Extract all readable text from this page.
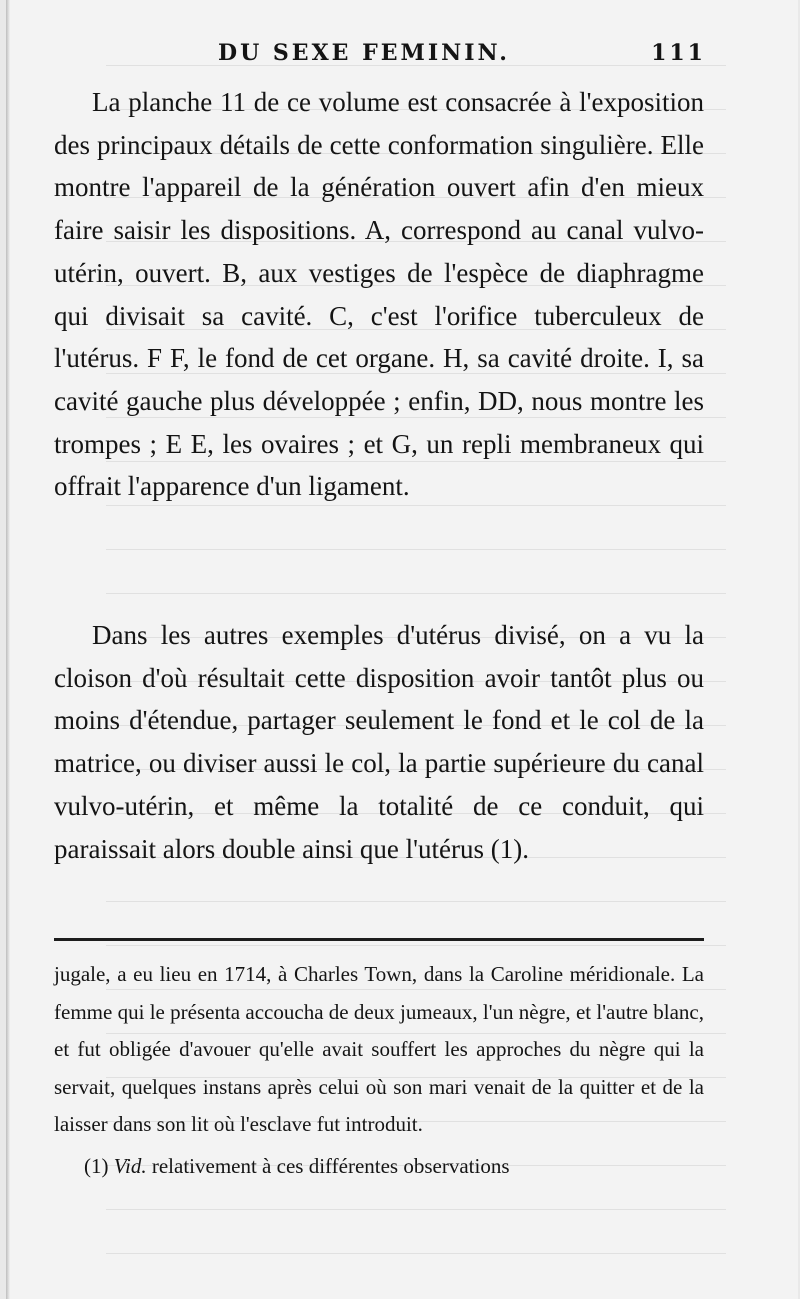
DU SEXE FEMININ.	111

La planche 11 de ce volume est consacrée à l'exposition des principaux détails de cette conformation singulière. Elle montre l'appareil de la génération ouvert afin d'en mieux faire saisir les dispositions. A, correspond au canal vulvo-utérin, ouvert. B, aux vestiges de l'espèce de diaphragme qui divisait sa cavité. C, c'est l'orifice tuberculeux de l'utérus. F F, le fond de cet organe. H, sa cavité droite. I, sa cavité gauche plus développée ; enfin, DD, nous montre les trompes ; E E, les ovaires ; et G, un repli membraneux qui offrait l'apparence d'un ligament.

Dans les autres exemples d'utérus divisé, on a vu la cloison d'où résultait cette disposition avoir tantôt plus ou moins d'étendue, partager seulement le fond et le col de la matrice, ou diviser aussi le col, la partie supérieure du canal vulvo-utérin, et même la totalité de ce conduit, qui paraissait alors double ainsi que l'utérus (1).

jugale, a eu lieu en 1714, à Charles Town, dans la Caroline méridionale. La femme qui le présenta accoucha de deux jumeaux, l'un nègre, et l'autre blanc, et fut obligée d'avouer qu'elle avait souffert les approches du nègre qui la servait, quelques instans après celui où son mari venait de la quitter et de la laisser dans son lit où l'esclave fut introduit.

(1) Vid. relativement à ces différentes observations
